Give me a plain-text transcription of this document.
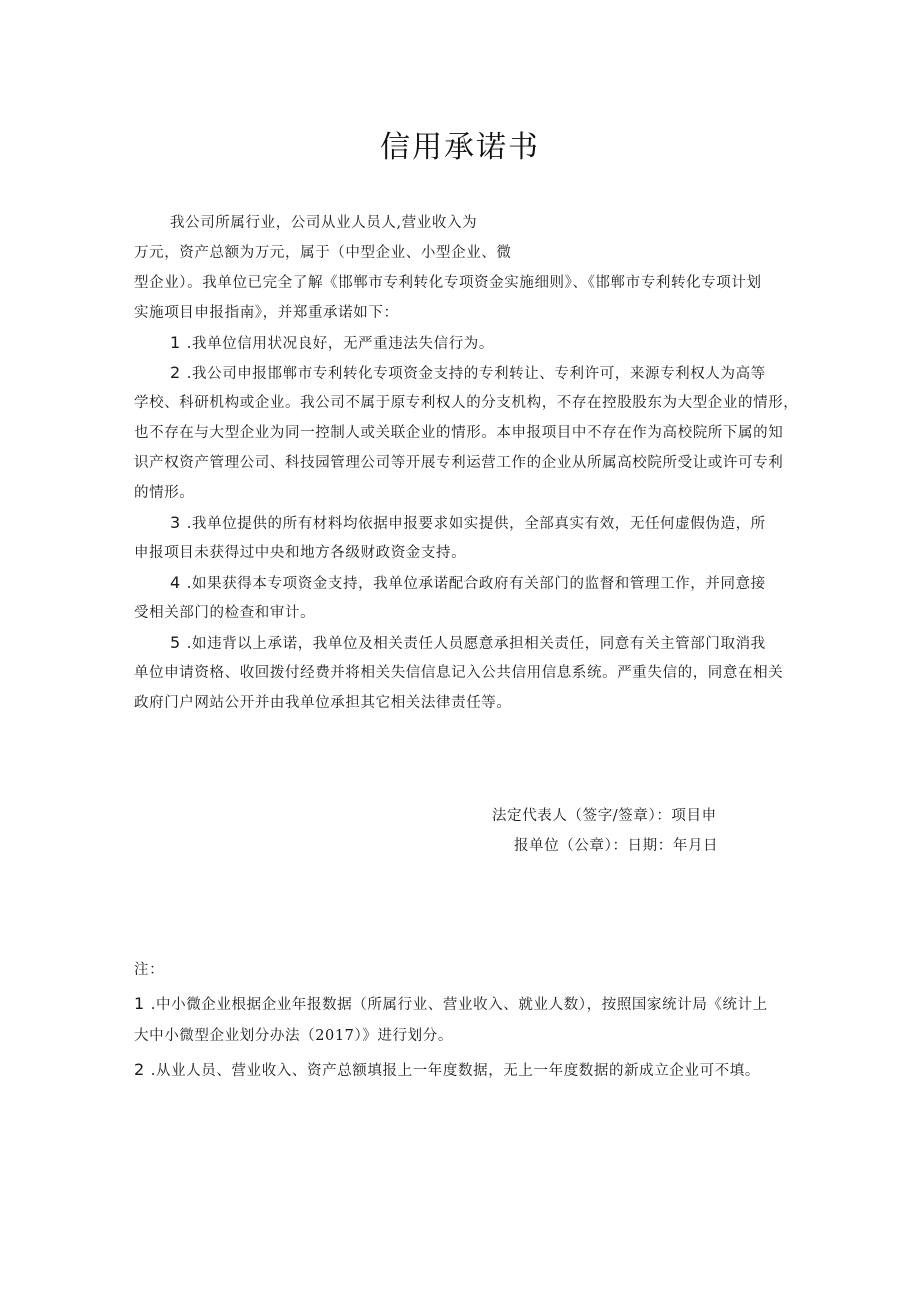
信用承诺书
我公司所属行业，公司从业人员人,营业收入为
万元，资产总额为万元，属于（中型企业、小型企业、微
型企业）。我单位已完全了解《邯郸市专利转化专项资金实施细则》、《邯郸市专利转化专项计划
实施项目申报指南》，并郑重承诺如下：
1 .我单位信用状况良好，无严重违法失信行为。
2 .我公司申报邯郸市专利转化专项资金支持的专利转让、专利许可，来源专利权人为高等
学校、科研机构或企业。我公司不属于原专利权人的分支机构，不存在控股股东为大型企业的情形，
也不存在与大型企业为同一控制人或关联企业的情形。本申报项目中不存在作为高校院所下属的知
识产权资产管理公司、科技园管理公司等开展专利运营工作的企业从所属高校院所受让或许可专利
的情形。
3 .我单位提供的所有材料均依据申报要求如实提供，全部真实有效，无任何虚假伪造，所
申报项目未获得过中央和地方各级财政资金支持。
4 .如果获得本专项资金支持，我单位承诺配合政府有关部门的监督和管理工作，并同意接
受相关部门的检查和审计。
5 .如违背以上承诺，我单位及相关责任人员愿意承担相关责任，同意有关主管部门取消我
单位申请资格、收回拨付经费并将相关失信信息记入公共信用信息系统。严重失信的，同意在相关
政府门户网站公开并由我单位承担其它相关法律责任等。
法定代表人（签字/签章）：项目申
报单位（公章）：日期：年月日
注：
1 .中小微企业根据企业年报数据（所属行业、营业收入、就业人数），按照国家统计局《统计上
大中小微型企业划分办法（2017）》进行划分。
2 .从业人员、营业收入、资产总额填报上一年度数据，无上一年度数据的新成立企业可不填。
